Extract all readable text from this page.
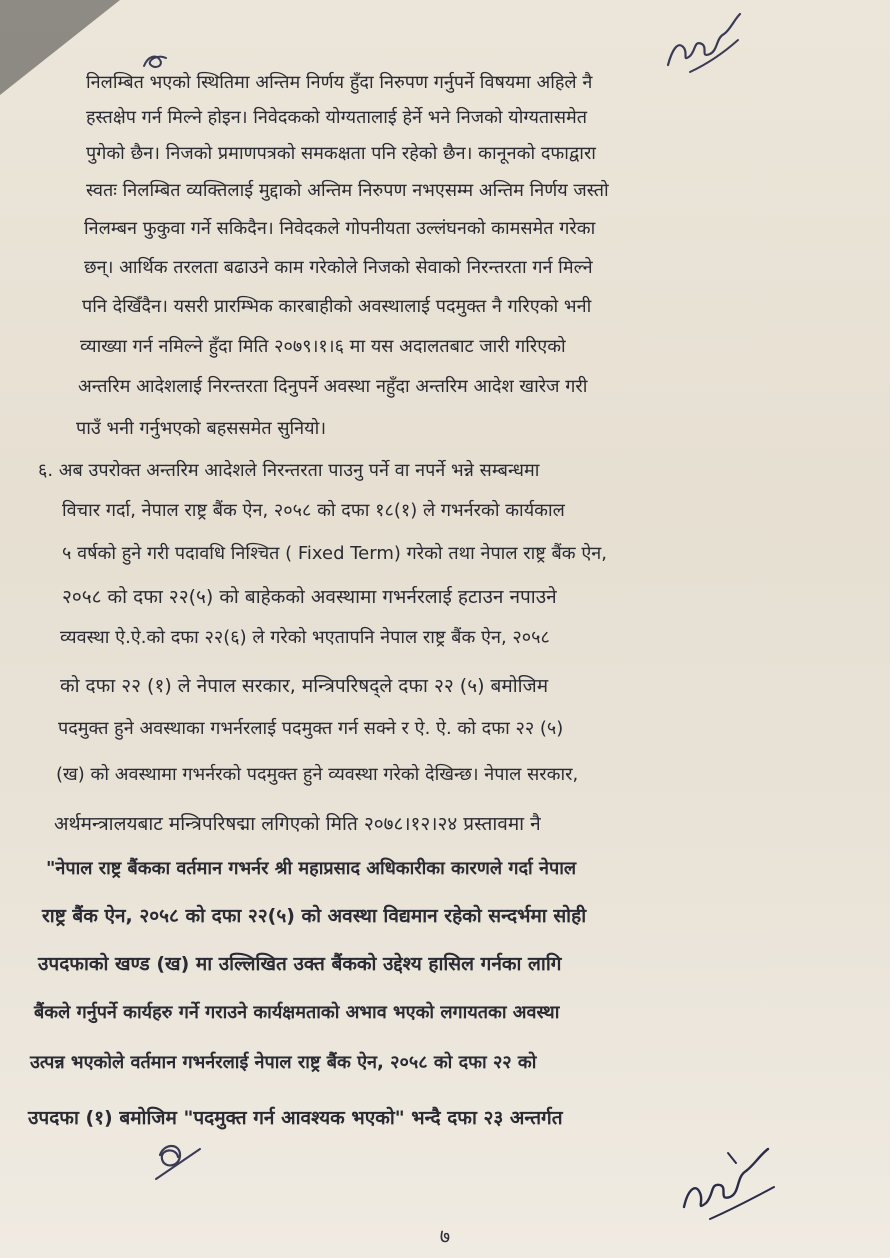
निलम्बित भएको स्थितिमा अन्तिम निर्णय हुँदा निरुपण गर्नुपर्ने विषयमा अहिले नै
हस्तक्षेप गर्न मिल्ने होइन। निवेदकको योग्यतालाई हेर्ने भने निजको योग्यतासमेत
पुगेको छैन। निजको प्रमाणपत्रको समकक्षता पनि रहेको छैन। कानूनको दफाद्वारा
स्वतः निलम्बित व्यक्तिलाई मुद्दाको अन्तिम निरुपण नभएसम्म अन्तिम निर्णय जस्तो
निलम्बन फुकुवा गर्ने सकिदैन। निवेदकले गोपनीयता उल्लंघनको कामसमेत गरेका
छन्। आर्थिक तरलता बढाउने काम गरेकोले निजको सेवाको निरन्तरता गर्न मिल्ने
पनि देखिँदैन। यसरी प्रारम्भिक कारबाहीको अवस्थालाई पदमुक्त नै गरिएको भनी
व्याख्या गर्न नमिल्ने हुँदा मिति २०७९।१।६ मा यस अदालतबाट जारी गरिएको
अन्तरिम आदेशलाई निरन्तरता दिनुपर्ने अवस्था नहुँदा अन्तरिम आदेश खारेज गरी
पाउँ भनी गर्नुभएको बहससमेत सुनियो।
६. अब उपरोक्त अन्तरिम आदेशले निरन्तरता पाउनु पर्ने वा नपर्ने भन्ने सम्बन्धमा
विचार गर्दा, नेपाल राष्ट्र बैंक ऐन, २०५८ को दफा १८(१) ले गभर्नरको कार्यकाल
५ वर्षको हुने गरी पदावधि निश्चित ( Fixed Term) गरेको तथा नेपाल राष्ट्र बैंक ऐन,
२०५८ को दफा २२(५) को बाहेकको अवस्थामा गभर्नरलाई हटाउन नपाउने
व्यवस्था ऐ.ऐ.को दफा २२(६) ले गरेको भएतापनि नेपाल राष्ट्र बैंक ऐन, २०५८
को दफा २२ (१) ले नेपाल सरकार, मन्त्रिपरिषद्ले दफा २२ (५) बमोजिम
पदमुक्त हुने अवस्थाका गभर्नरलाई पदमुक्त गर्न सक्ने र ऐ. ऐ. को दफा २२ (५)
(ख) को अवस्थामा गभर्नरको पदमुक्त हुने व्यवस्था गरेको देखिन्छ। नेपाल सरकार,
अर्थमन्त्रालयबाट मन्त्रिपरिषद्मा लगिएको मिति २०७८।१२।२४ प्रस्तावमा नै
"नेपाल राष्ट्र बैंकका वर्तमान गभर्नर श्री महाप्रसाद अधिकारीका कारणले गर्दा नेपाल
राष्ट्र बैंक ऐन, २०५८ को दफा २२(५) को अवस्था विद्यमान रहेको सन्दर्भमा सोही
उपदफाको खण्ड (ख) मा उल्लिखित उक्त बैंकको उद्देश्य हासिल गर्नका लागि
बैंकले गर्नुपर्ने कार्यहरु गर्ने गराउने कार्यक्षमताको अभाव भएको लगायतका अवस्था
उत्पन्न भएकोले वर्तमान गभर्नरलाई नेपाल राष्ट्र बैंक ऐन, २०५८ को दफा २२ को
उपदफा (१) बमोजिम "पदमुक्त गर्न आवश्यक भएको" भन्दै दफा २३ अन्तर्गत
७
